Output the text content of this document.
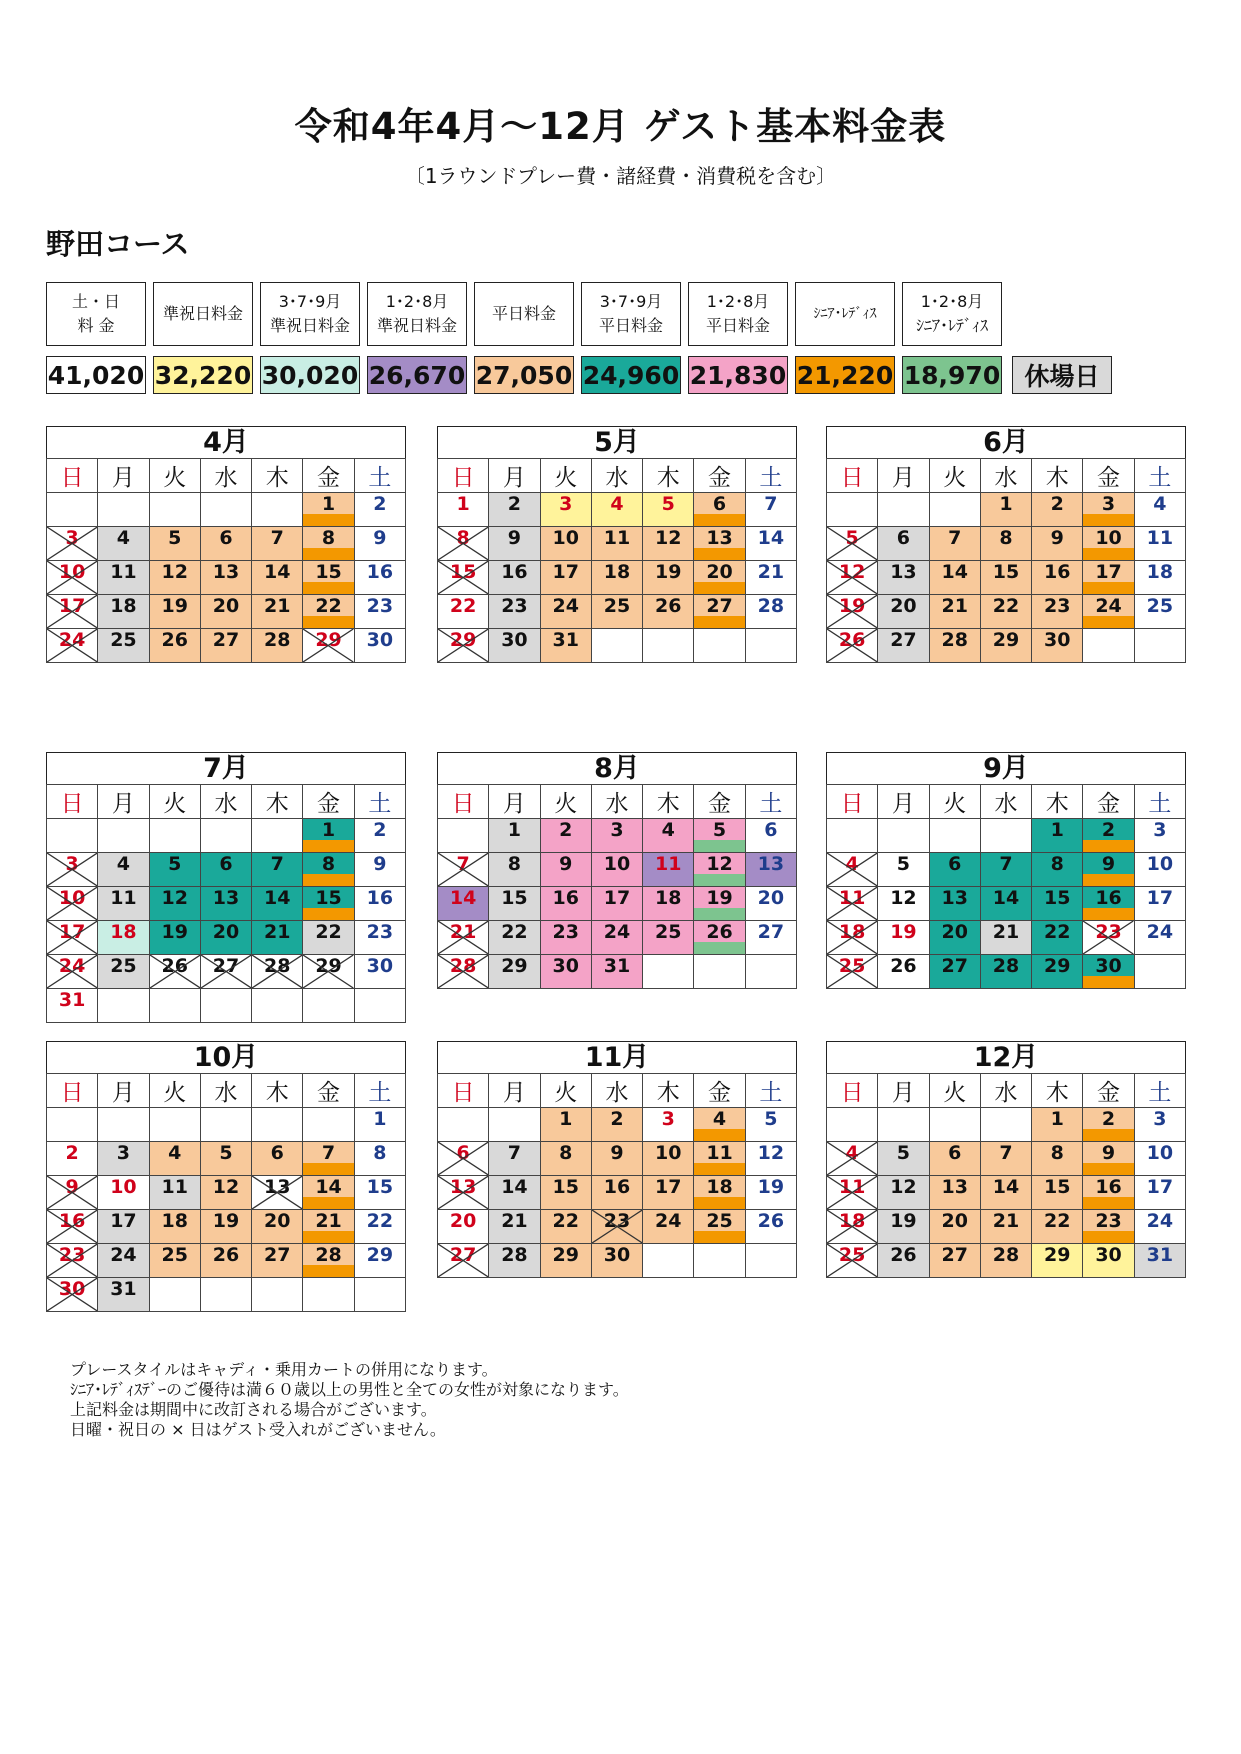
令和4年4月〜12月 ゲスト基本料金表
〔1ラウンドプレー費・諸経費・消費税を含む〕
野田コース
土・日
料 金
41,020
準祝日料金
32,220
3･7･9月
準祝日料金
30,020
1･2･8月
準祝日料金
26,670
平日料金
27,050
3･7･9月
平日料金
24,960
1･2･8月
平日料金
21,830
ｼﾆｱ･ﾚﾃﾞｨｽ
21,220
1･2･8月
ｼﾆｱ･ﾚﾃﾞｨｽ
18,970 休場日
4月
日	月	火	水	木	金	土

					1	2

3	4	5	6	7	8	9

10	11	12	13	14	15	16

17	18	19	20	21	22	23

24	25	26	27	28	29	30
5月
日	月	火	水	木	金	土

1	2	3	4	5	6	7

8	9	10	11	12	13	14

15	16	17	18	19	20	21

22	23	24	25	26	27	28

29	30	31				

6月
日	月	火	水	木	金	土

			1	2	3	4

5	6	7	8	9	10	11

12	13	14	15	16	17	18

19	20	21	22	23	24	25

26	27	28	29	30		

7月
日	月	火	水	木	金	土

					1	2

3	4	5	6	7	8	9

10	11	12	13	14	15	16

17	18	19	20	21	22	23

24	25	26	27	28	29	30

31						

8月
日	月	火	水	木	金	土

	1	2	3	4	5	6

7	8	9	10	11	12	13

14	15	16	17	18	19	20

21	22	23	24	25	26	27

28	29	30	31			

9月
日	月	火	水	木	金	土

				1	2	3

4	5	6	7	8	9	10

11	12	13	14	15	16	17

18	19	20	21	22	23	24

25	26	27	28	29	30	

10月
日	月	火	水	木	金	土

						1

2	3	4	5	6	7	8

9	10	11	12	13	14	15

16	17	18	19	20	21	22

23	24	25	26	27	28	29

30	31					

11月
日	月	火	水	木	金	土

		1	2	3	4	5

6	7	8	9	10	11	12

13	14	15	16	17	18	19

20	21	22	23	24	25	26

27	28	29	30			

12月
日	月	火	水	木	金	土

				1	2	3

4	5	6	7	8	9	10

11	12	13	14	15	16	17

18	19	20	21	22	23	24

25	26	27	28	29	30	31
プレースタイルはキャディ・乗用カートの併用になります。
ｼﾆｱ･ﾚﾃﾞｨｽﾃﾞｰのご優待は満６０歳以上の男性と全ての女性が対象になります。
上記料金は期間中に改訂される場合がございます。
日曜・祝日の × 日はゲスト受入れがございません。
